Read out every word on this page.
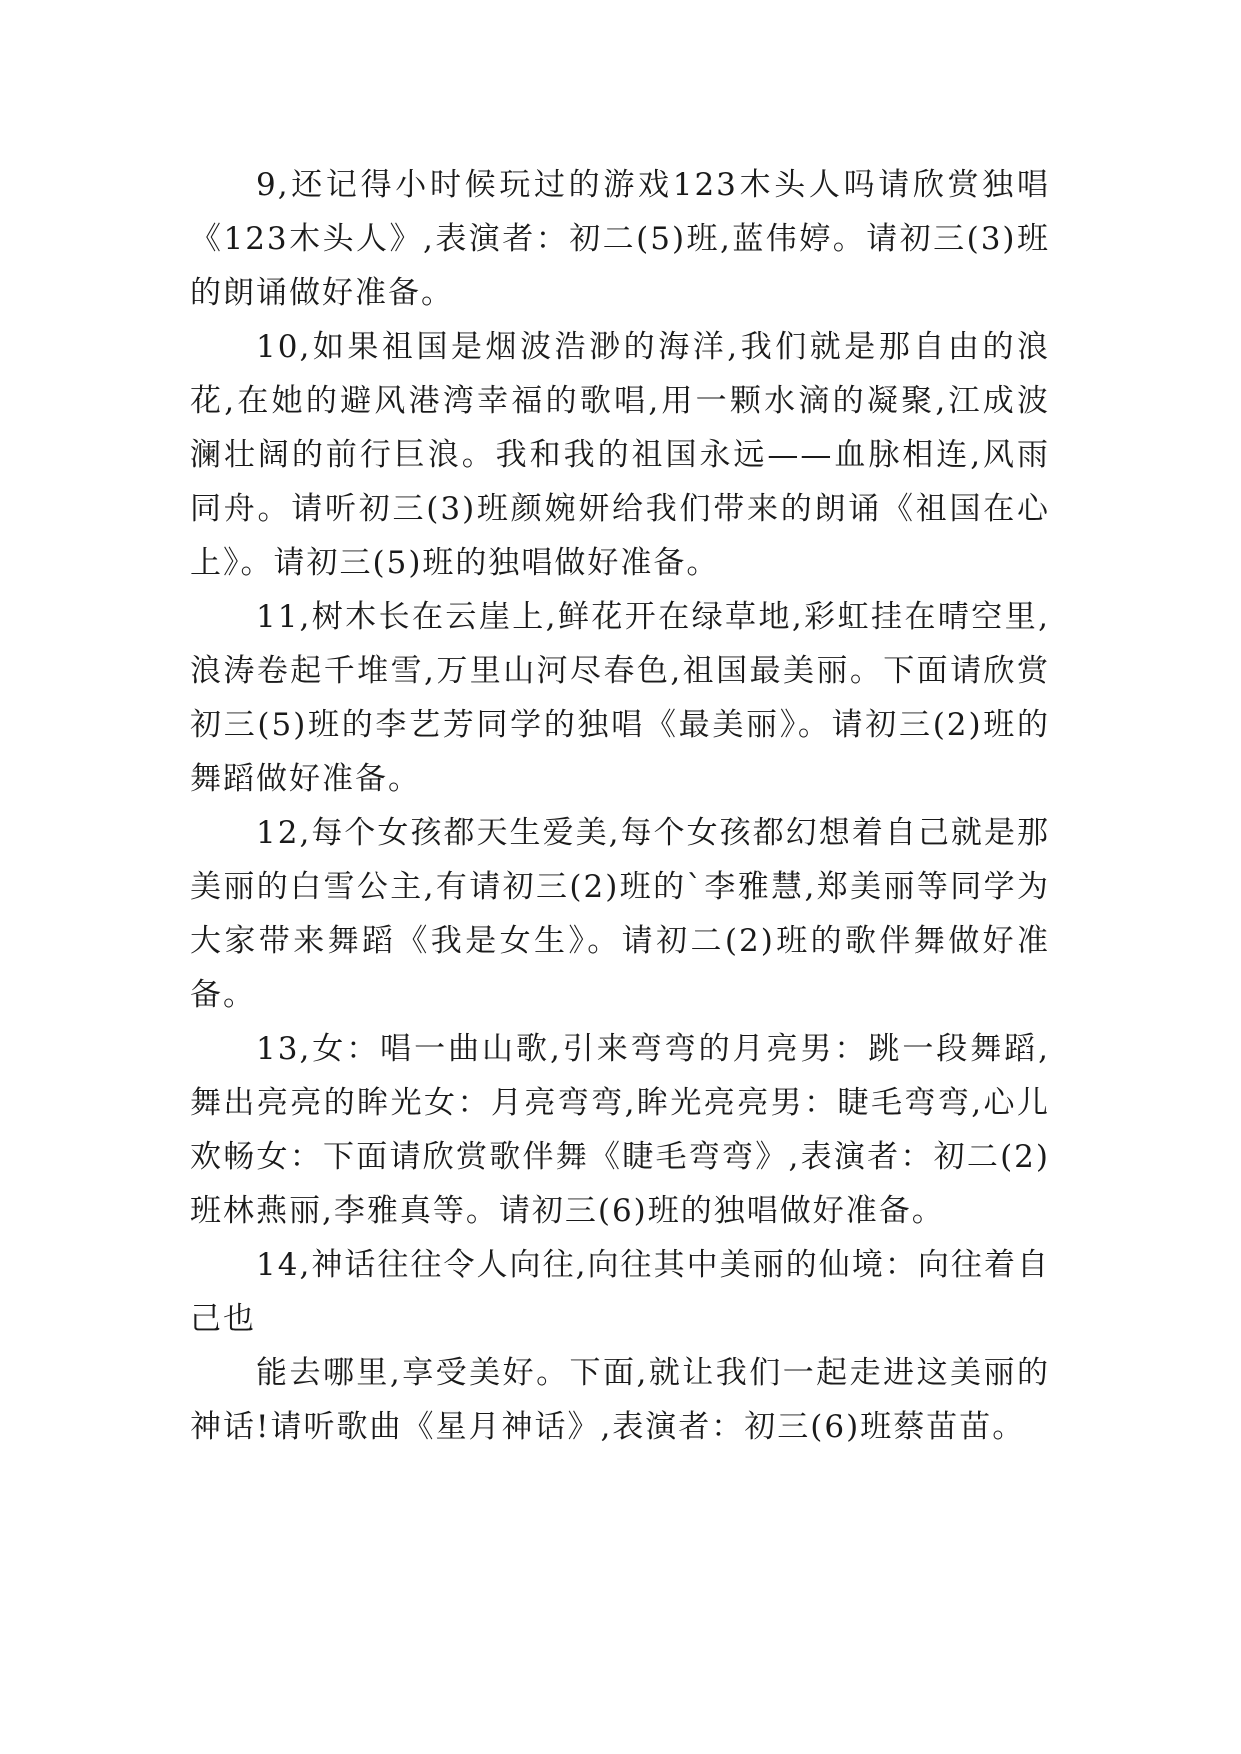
9,还记得小时候玩过的游戏123木头人吗请欣赏独唱《123木头人》,表演者：初二(5)班,蓝伟婷。请初三(3)班的朗诵做好准备。

10,如果祖国是烟波浩渺的海洋,我们就是那自由的浪花,在她的避风港湾幸福的歌唱,用一颗水滴的凝聚,江成波澜壮阔的前行巨浪。我和我的祖国永远——血脉相连,风雨同舟。请听初三(3)班颜婉妍给我们带来的朗诵《祖国在心上》。请初三(5)班的独唱做好准备。

11,树木长在云崖上,鲜花开在绿草地,彩虹挂在晴空里,浪涛卷起千堆雪,万里山河尽春色,祖国最美丽。下面请欣赏初三(5)班的李艺芳同学的独唱《最美丽》。请初三(2)班的舞蹈做好准备。

12,每个女孩都天生爱美,每个女孩都幻想着自己就是那美丽的白雪公主,有请初三(2)班的`李雅慧,郑美丽等同学为大家带来舞蹈《我是女生》。请初二(2)班的歌伴舞做好准备。

13,女：唱一曲山歌,引来弯弯的月亮男：跳一段舞蹈,舞出亮亮的眸光女：月亮弯弯,眸光亮亮男：睫毛弯弯,心儿欢畅女：下面请欣赏歌伴舞《睫毛弯弯》,表演者：初二(2)班林燕丽,李雅真等。请初三(6)班的独唱做好准备。

14,神话往往令人向往,向往其中美丽的仙境：向往着自己也

能去哪里,享受美好。下面,就让我们一起走进这美丽的神话!请听歌曲《星月神话》,表演者：初三(6)班蔡苗苗。
